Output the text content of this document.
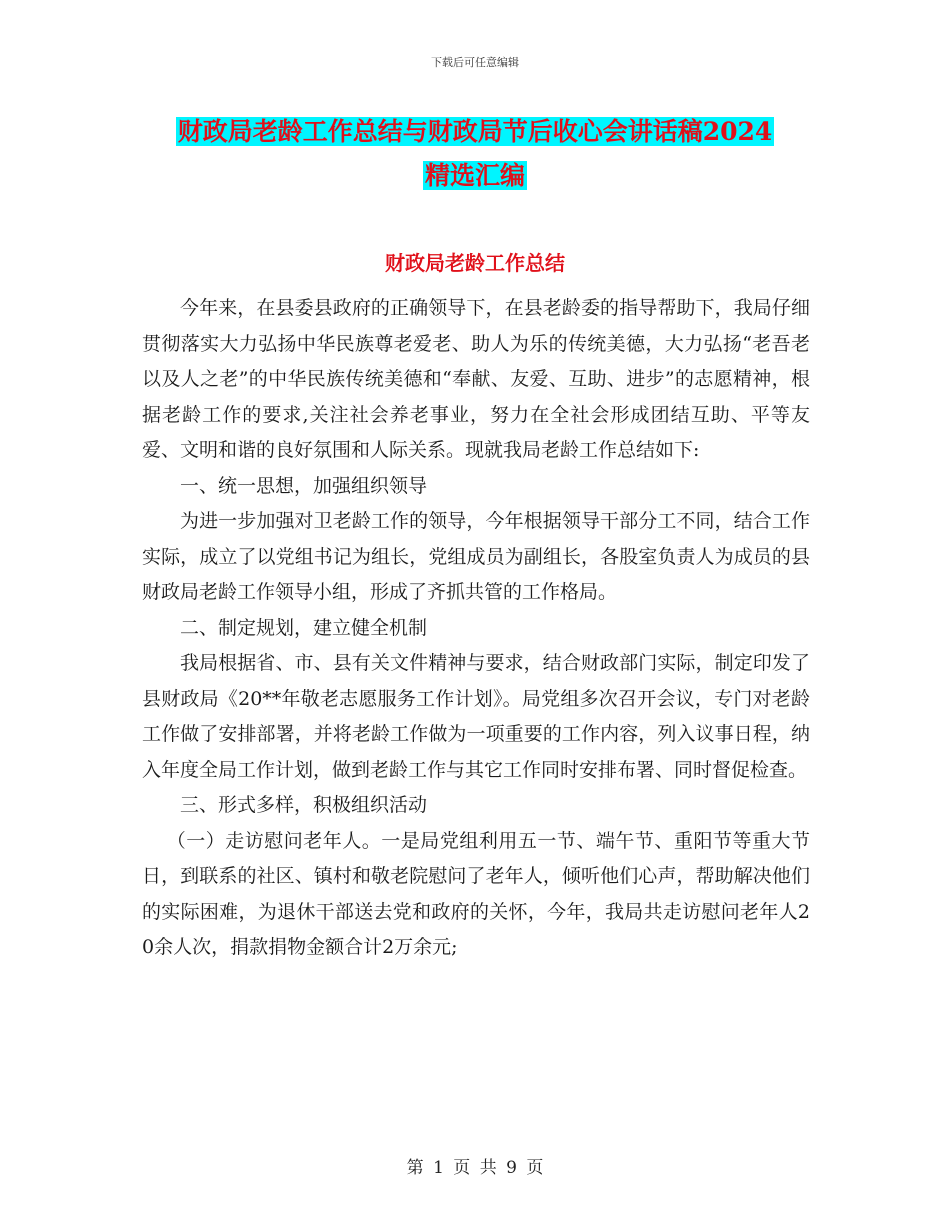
下载后可任意编辑
财政局老龄工作总结与财政局节后收心会讲话稿2024
精选汇编
财政局老龄工作总结

今年来，在县委县政府的正确领导下，在县老龄委的指导帮助下，我局仔细贯彻落实大力弘扬中华民族尊老爱老、助人为乐的传统美德，大力弘扬“老吾老以及人之老”的中华民族传统美德和“奉献、友爱、互助、进步”的志愿精神，根据老龄工作的要求,关注社会养老事业，努力在全社会形成团结互助、平等友爱、文明和谐的良好氛围和人际关系。现就我局老龄工作总结如下:

一、统一思想，加强组织领导

为进一步加强对卫老龄工作的领导，今年根据领导干部分工不同，结合工作实际，成立了以党组书记为组长，党组成员为副组长，各股室负责人为成员的县财政局老龄工作领导小组，形成了齐抓共管的工作格局。

二、制定规划，建立健全机制

我局根据省、市、县有关文件精神与要求，结合财政部门实际，制定印发了县财政局《20**年敬老志愿服务工作计划》。局党组多次召开会议，专门对老龄工作做了安排部署，并将老龄工作做为一项重要的工作内容，列入议事日程，纳入年度全局工作计划，做到老龄工作与其它工作同时安排布署、同时督促检查。

三、形式多样，积极组织活动

（一）走访慰问老年人。一是局党组利用五一节、端午节、重阳节等重大节日，到联系的社区、镇村和敬老院慰问了老年人，倾听他们心声，帮助解决他们的实际困难，为退休干部送去党和政府的关怀，今年，我局共走访慰问老年人20余人次，捐款捐物金额合计2万余元;

第 1 页 共 9 页
